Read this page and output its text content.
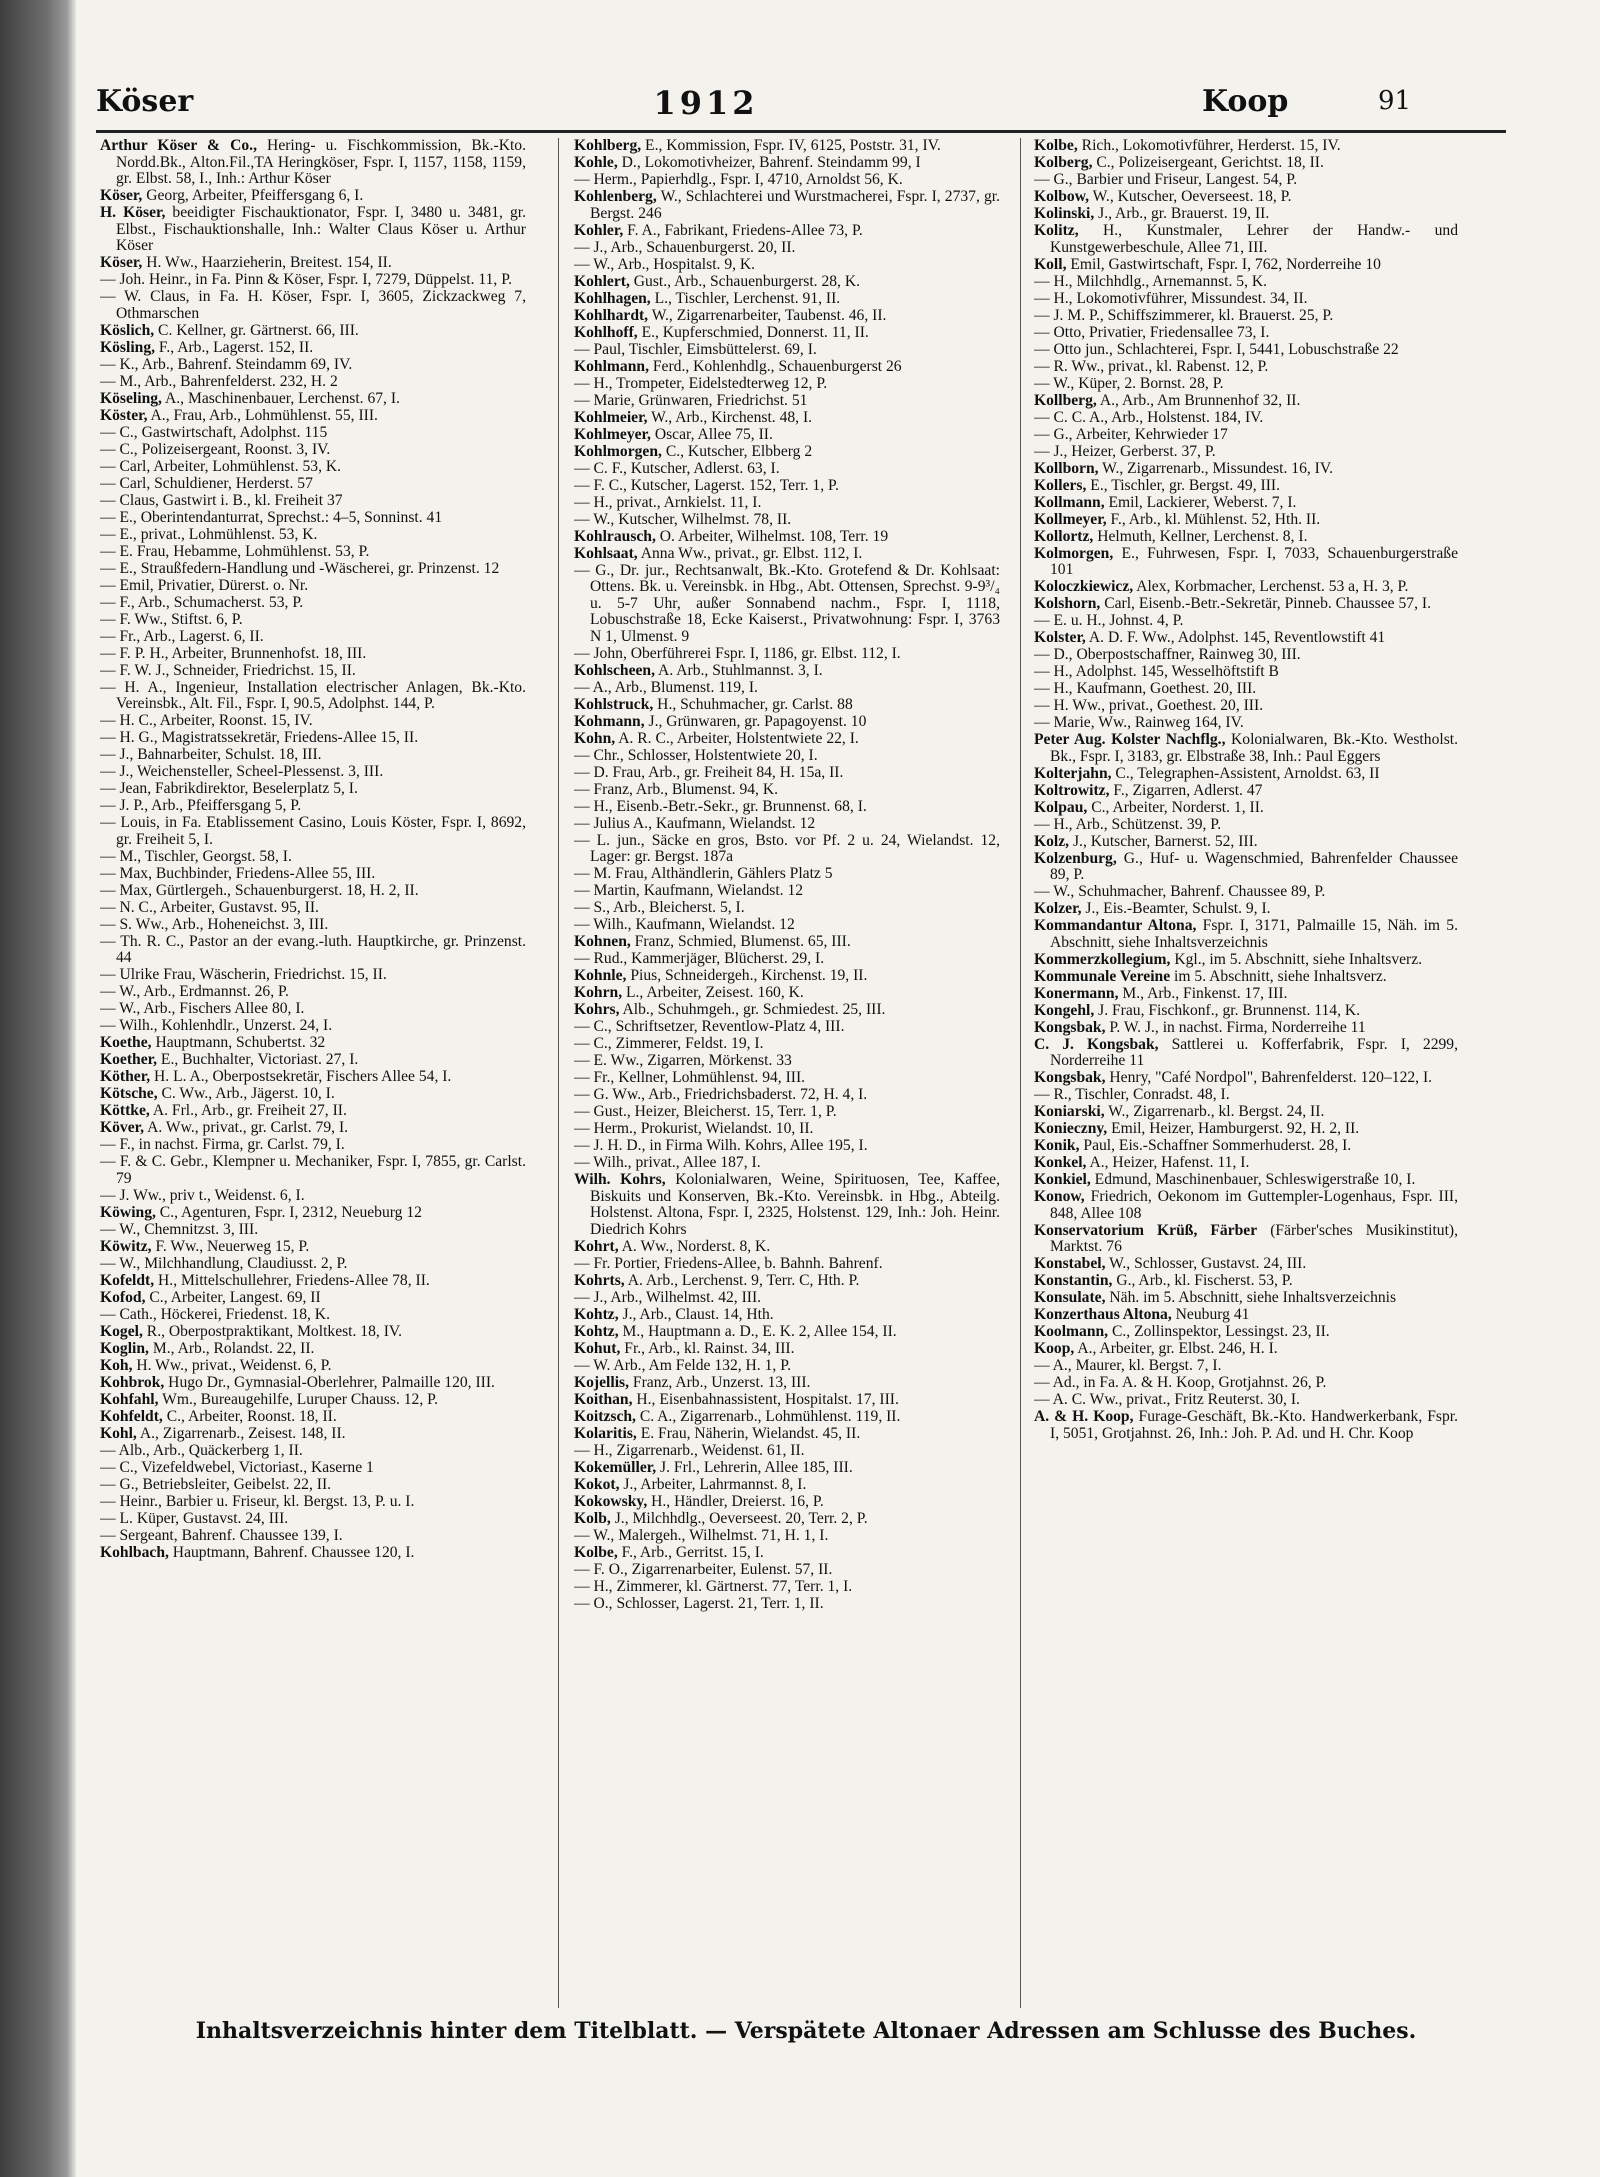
Köser	1912	Koop	91
Arthur Köser & Co., Hering- u. Fischkommission, Bk.-Kto. Nordd.Bk., Alton.Fil.,TA Heringköser, Fspr. I, 1157, 1158, 1159, gr. Elbst. 58, I., Inh.: Arthur Köser
Köser, Georg, Arbeiter, Pfeiffersgang 6, I.
H. Köser, beeidigter Fischauktionator, Fspr. I, 3480 u. 3481, gr. Elbst., Fischauktionshalle, Inh.: Walter Claus Köser u. Arthur Köser
Köser, H. Ww., Haarzieherin, Breitest. 154, II.
— Joh. Heinr., in Fa. Pinn & Köser, Fspr. I, 7279, Düppelst. 11, P.
— W. Claus, in Fa. H. Köser, Fspr. I, 3605, Zickzackweg 7, Othmarschen
Köslich, C. Kellner, gr. Gärtnerst. 66, III.
Kösling, F., Arb., Lagerst. 152, II.
— K., Arb., Bahrenf. Steindamm 69, IV.
— M., Arb., Bahrenfelderst. 232, H. 2
Köseling, A., Maschinenbauer, Lerchenst. 67, I.
Köster, A., Frau, Arb., Lohmühlenst. 55, III.
— C., Gastwirtschaft, Adolphst. 115
— C., Polizeisergeant, Roonst. 3, IV.
— Carl, Arbeiter, Lohmühlenst. 53, K.
— Carl, Schuldiener, Herderst. 57
— Claus, Gastwirt i. B., kl. Freiheit 37
— E., Oberintendanturrat, Sprechst.: 4–5, Sonninst. 41
— E., privat., Lohmühlenst. 53, K.
— E. Frau, Hebamme, Lohmühlenst. 53, P.
— E., Straußfedern-Handlung und -Wäscherei, gr. Prinzenst. 12
— Emil, Privatier, Dürerst. o. Nr.
— F., Arb., Schumacherst. 53, P.
— F. Ww., Stiftst. 6, P.
— Fr., Arb., Lagerst. 6, II.
— F. P. H., Arbeiter, Brunnenhofst. 18, III.
— F. W. J., Schneider, Friedrichst. 15, II.
— H. A., Ingenieur, Installation electrischer Anlagen, Bk.-Kto. Vereinsbk., Alt. Fil., Fspr. I, 90.5, Adolphst. 144, P.
— H. C., Arbeiter, Roonst. 15, IV.
— H. G., Magistratssekretär, Friedens-Allee 15, II.
— J., Bahnarbeiter, Schulst. 18, III.
— J., Weichensteller, Scheel-Plessenst. 3, III.
— Jean, Fabrikdirektor, Beselerplatz 5, I.
— J. P., Arb., Pfeiffersgang 5, P.
— Louis, in Fa. Etablissement Casino, Louis Köster, Fspr. I, 8692, gr. Freiheit 5, I.
— M., Tischler, Georgst. 58, I.
— Max, Buchbinder, Friedens-Allee 55, III.
— Max, Gürtlergeh., Schauenburgerst. 18, H. 2, II.
— N. C., Arbeiter, Gustavst. 95, II.
— S. Ww., Arb., Hoheneichst. 3, III.
— Th. R. C., Pastor an der evang.-luth. Hauptkirche, gr. Prinzenst. 44
— Ulrike Frau, Wäscherin, Friedrichst. 15, II.
— W., Arb., Erdmannst. 26, P.
— W., Arb., Fischers Allee 80, I.
— Wilh., Kohlenhdlr., Unzerst. 24, I.
Koethe, Hauptmann, Schubertst. 32
Koether, E., Buchhalter, Victoriast. 27, I.
Köther, H. L. A., Oberpostsekretär, Fischers Allee 54, I.
Kötsche, C. Ww., Arb., Jägerst. 10, I.
Köttke, A. Frl., Arb., gr. Freiheit 27, II.
Köver, A. Ww., privat., gr. Carlst. 79, I.
— F., in nachst. Firma, gr. Carlst. 79, I.
— F. & C. Gebr., Klempner u. Mechaniker, Fspr. I, 7855, gr. Carlst. 79
— J. Ww., priv t., Weidenst. 6, I.
Köwing, C., Agenturen, Fspr. I, 2312, Neueburg 12
— W., Chemnitzst. 3, III.
Köwitz, F. Ww., Neuerweg 15, P.
— W., Milchhandlung, Claudiusst. 2, P.
Kofeldt, H., Mittelschullehrer, Friedens-Allee 78, II.
Kofod, C., Arbeiter, Langest. 69, II
— Cath., Höckerei, Friedenst. 18, K.
Kogel, R., Oberpostpraktikant, Moltkest. 18, IV.
Koglin, M., Arb., Rolandst. 22, II.
Koh, H. Ww., privat., Weidenst. 6, P.
Kohbrok, Hugo Dr., Gymnasial-Oberlehrer, Palmaille 120, III.
Kohfahl, Wm., Bureaugehilfe, Luruper Chauss. 12, P.
Kohfeldt, C., Arbeiter, Roonst. 18, II.
Kohl, A., Zigarrenarb., Zeisest. 148, II.
— Alb., Arb., Quäckerberg 1, II.
— C., Vizefeldwebel, Victoriast., Kaserne 1
— G., Betriebsleiter, Geibelst. 22, II.
— Heinr., Barbier u. Friseur, kl. Bergst. 13, P. u. I.
— L. Küper, Gustavst. 24, III.
— Sergeant, Bahrenf. Chaussee 139, I.
Kohlbach, Hauptmann, Bahrenf. Chaussee 120, I.
Kohlberg, E., Kommission, Fspr. IV, 6125, Poststr. 31, IV.
Kohle, D., Lokomotivheizer, Bahrenf. Steindamm 99, I
— Herm., Papierhdlg., Fspr. I, 4710, Arnoldst 56, K.
Kohlenberg, W., Schlachterei und Wurstmacherei, Fspr. I, 2737, gr. Bergst. 246
Kohler, F. A., Fabrikant, Friedens-Allee 73, P.
— J., Arb., Schauenburgerst. 20, II.
— W., Arb., Hospitalst. 9, K.
Kohlert, Gust., Arb., Schauenburgerst. 28, K.
Kohlhagen, L., Tischler, Lerchenst. 91, II.
Kohlhardt, W., Zigarrenarbeiter, Taubenst. 46, II.
Kohlhoff, E., Kupferschmied, Donnerst. 11, II.
— Paul, Tischler, Eimsbüttelerst. 69, I.
Kohlmann, Ferd., Kohlenhdlg., Schauenburgerst 26
— H., Trompeter, Eidelstedterweg 12, P.
— Marie, Grünwaren, Friedrichst. 51
Kohlmeier, W., Arb., Kirchenst. 48, I.
Kohlmeyer, Oscar, Allee 75, II.
Kohlmorgen, C., Kutscher, Elbberg 2
— C. F., Kutscher, Adlerst. 63, I.
— F. C., Kutscher, Lagerst. 152, Terr. 1, P.
— H., privat., Arnkielst. 11, I.
— W., Kutscher, Wilhelmst. 78, II.
Kohlrausch, O. Arbeiter, Wilhelmst. 108, Terr. 19
Kohlsaat, Anna Ww., privat., gr. Elbst. 112, I.
— G., Dr. jur., Rechtsanwalt, Bk.-Kto. Grotefend & Dr. Kohlsaat: Ottens. Bk. u. Vereinsbk. in Hbg., Abt. Ottensen, Sprechst. 9-9³/₄ u. 5-7 Uhr, außer Sonnabend nachm., Fspr. I, 1118, Lobuschstraße 18, Ecke Kaiserst., Privatwohnung: Fspr. I, 3763 N 1, Ulmenst. 9
— John, Oberführerei Fspr. I, 1186, gr. Elbst. 112, I.
Kohlscheen, A. Arb., Stuhlmannst. 3, I.
— A., Arb., Blumenst. 119, I.
Kohlstruck, H., Schuhmacher, gr. Carlst. 88
Kohmann, J., Grünwaren, gr. Papagoyenst. 10
Kohn, A. R. C., Arbeiter, Holstentwiete 22, I.
— Chr., Schlosser, Holstentwiete 20, I.
— D. Frau, Arb., gr. Freiheit 84, H. 15a, II.
— Franz, Arb., Blumenst. 94, K.
— H., Eisenb.-Betr.-Sekr., gr. Brunnenst. 68, I.
— Julius A., Kaufmann, Wielandst. 12
— L. jun., Säcke en gros, Bsto. vor Pf. 2 u. 24, Wielandst. 12, Lager: gr. Bergst. 187a
— M. Frau, Althändlerin, Gählers Platz 5
— Martin, Kaufmann, Wielandst. 12
— S., Arb., Bleicherst. 5, I.
— Wilh., Kaufmann, Wielandst. 12
Kohnen, Franz, Schmied, Blumenst. 65, III.
— Rud., Kammerjäger, Blücherst. 29, I.
Kohnle, Pius, Schneidergeh., Kirchenst. 19, II.
Kohrn, L., Arbeiter, Zeisest. 160, K.
Kohrs, Alb., Schuhmgeh., gr. Schmiedest. 25, III.
— C., Schriftsetzer, Reventlow-Platz 4, III.
— C., Zimmerer, Feldst. 19, I.
— E. Ww., Zigarren, Mörkenst. 33
— Fr., Kellner, Lohmühlenst. 94, III.
— G. Ww., Arb., Friedrichsbaderst. 72, H. 4, I.
— Gust., Heizer, Bleicherst. 15, Terr. 1, P.
— Herm., Prokurist, Wielandst. 10, II.
— J. H. D., in Firma Wilh. Kohrs, Allee 195, I.
— Wilh., privat., Allee 187, I.
Wilh. Kohrs, Kolonialwaren, Weine, Spirituosen, Tee, Kaffee, Biskuits und Konserven, Bk.-Kto. Vereinsbk. in Hbg., Abteilg. Holstenst. Altona, Fspr. I, 2325, Holstenst. 129, Inh.: Joh. Heinr. Diedrich Kohrs
Kohrt, A. Ww., Norderst. 8, K.
— Fr. Portier, Friedens-Allee, b. Bahnh. Bahrenf.
Kohrts, A. Arb., Lerchenst. 9, Terr. C, Hth. P.
— J., Arb., Wilhelmst. 42, III.
Kohtz, J., Arb., Claust. 14, Hth.
Kohtz, M., Hauptmann a. D., E. K. 2, Allee 154, II.
Kohut, Fr., Arb., kl. Rainst. 34, III.
— W. Arb., Am Felde 132, H. 1, P.
Kojellis, Franz, Arb., Unzerst. 13, III.
Koithan, H., Eisenbahnassistent, Hospitalst. 17, III.
Koitzsch, C. A., Zigarrenarb., Lohmühlenst. 119, II.
Kolaritis, E. Frau, Näherin, Wielandst. 45, II.
— H., Zigarrenarb., Weidenst. 61, II.
Kokemüller, J. Frl., Lehrerin, Allee 185, III.
Kokot, J., Arbeiter, Lahrmannst. 8, I.
Kokowsky, H., Händler, Dreierst. 16, P.
Kolb, J., Milchhdlg., Oeverseest. 20, Terr. 2, P.
— W., Malergeh., Wilhelmst. 71, H. 1, I.
Kolbe, F., Arb., Gerritst. 15, I.
— F. O., Zigarrenarbeiter, Eulenst. 57, II.
— H., Zimmerer, kl. Gärtnerst. 77, Terr. 1, I.
— O., Schlosser, Lagerst. 21, Terr. 1, II.
Kolbe, Rich., Lokomotivführer, Herderst. 15, IV.
Kolberg, C., Polizeisergeant, Gerichtst. 18, II.
— G., Barbier und Friseur, Langest. 54, P.
Kolbow, W., Kutscher, Oeverseest. 18, P.
Kolinski, J., Arb., gr. Brauerst. 19, II.
Kolitz, H., Kunstmaler, Lehrer der Handw.- und Kunstgewerbeschule, Allee 71, III.
Koll, Emil, Gastwirtschaft, Fspr. I, 762, Norderreihe 10
— H., Milchhdlg., Arnemannst. 5, K.
— H., Lokomotivführer, Missundest. 34, II.
— J. M. P., Schiffszimmerer, kl. Brauerst. 25, P.
— Otto, Privatier, Friedensallee 73, I.
— Otto jun., Schlachterei, Fspr. I, 5441, Lobuschstraße 22
— R. Ww., privat., kl. Rabenst. 12, P.
— W., Küper, 2. Bornst. 28, P.
Kollberg, A., Arb., Am Brunnenhof 32, II.
— C. C. A., Arb., Holstenst. 184, IV.
— G., Arbeiter, Kehrwieder 17
— J., Heizer, Gerberst. 37, P.
Kollborn, W., Zigarrenarb., Missundest. 16, IV.
Kollers, E., Tischler, gr. Bergst. 49, III.
Kollmann, Emil, Lackierer, Weberst. 7, I.
Kollmeyer, F., Arb., kl. Mühlenst. 52, Hth. II.
Kollortz, Helmuth, Kellner, Lerchenst. 8, I.
Kolmorgen, E., Fuhrwesen, Fspr. I, 7033, Schauenburgerstraße 101
Koloczkiewicz, Alex, Korbmacher, Lerchenst. 53 a, H. 3, P.
Kolshorn, Carl, Eisenb.-Betr.-Sekretär, Pinneb. Chaussee 57, I.
— E. u. H., Johnst. 4, P.
Kolster, A. D. F. Ww., Adolphst. 145, Reventlowstift 41
— D., Oberpostschaffner, Rainweg 30, III.
— H., Adolphst. 145, Wesselhöftstift B
— H., Kaufmann, Goethest. 20, III.
— H. Ww., privat., Goethest. 20, III.
— Marie, Ww., Rainweg 164, IV.
Peter Aug. Kolster Nachflg., Kolonialwaren, Bk.-Kto. Westholst. Bk., Fspr. I, 3183, gr. Elbstraße 38, Inh.: Paul Eggers
Kolterjahn, C., Telegraphen-Assistent, Arnoldst. 63, II
Koltrowitz, F., Zigarren, Adlerst. 47
Kolpau, C., Arbeiter, Norderst. 1, II.
— H., Arb., Schützenst. 39, P.
Kolz, J., Kutscher, Barnerst. 52, III.
Kolzenburg, G., Huf- u. Wagenschmied, Bahrenfelder Chaussee 89, P.
— W., Schuhmacher, Bahrenf. Chaussee 89, P.
Kolzer, J., Eis.-Beamter, Schulst. 9, I.
Kommandantur Altona, Fspr. I, 3171, Palmaille 15, Näh. im 5. Abschnitt, siehe Inhaltsverzeichnis
Kommerzkollegium, Kgl., im 5. Abschnitt, siehe Inhaltsverz.
Kommunale Vereine im 5. Abschnitt, siehe Inhaltsverz.
Konermann, M., Arb., Finkenst. 17, III.
Kongehl, J. Frau, Fischkonf., gr. Brunnenst. 114, K.
Kongsbak, P. W. J., in nachst. Firma, Norderreihe 11
C. J. Kongsbak, Sattlerei u. Kofferfabrik, Fspr. I, 2299, Norderreihe 11
Kongsbak, Henry, "Café Nordpol", Bahrenfelderst. 120–122, I.
— R., Tischler, Conradst. 48, I.
Koniarski, W., Zigarrenarb., kl. Bergst. 24, II.
Konieczny, Emil, Heizer, Hamburgerst. 92, H. 2, II.
Konik, Paul, Eis.-Schaffner Sommerhuderst. 28, I.
Konkel, A., Heizer, Hafenst. 11, I.
Konkiel, Edmund, Maschinenbauer, Schleswigerstraße 10, I.
Konow, Friedrich, Oekonom im Guttempler-Logenhaus, Fspr. III, 848, Allee 108
Konservatorium Krüß, Färber (Färber'sches Musikinstitut), Marktst. 76
Konstabel, W., Schlosser, Gustavst. 24, III.
Konstantin, G., Arb., kl. Fischerst. 53, P.
Konsulate, Näh. im 5. Abschnitt, siehe Inhaltsverzeichnis
Konzerthaus Altona, Neuburg 41
Koolmann, C., Zollinspektor, Lessingst. 23, II.
Koop, A., Arbeiter, gr. Elbst. 246, H. I.
— A., Maurer, kl. Bergst. 7, I.
— Ad., in Fa. A. & H. Koop, Grotjahnst. 26, P.
— A. C. Ww., privat., Fritz Reuterst. 30, I.
A. & H. Koop, Furage-Geschäft, Bk.-Kto. Handwerkerbank, Fspr. I, 5051, Grotjahnst. 26, Inh.: Joh. P. Ad. und H. Chr. Koop
Inhaltsverzeichnis hinter dem Titelblatt. — Verspätete Altonaer Adressen am Schlusse des Buches.
